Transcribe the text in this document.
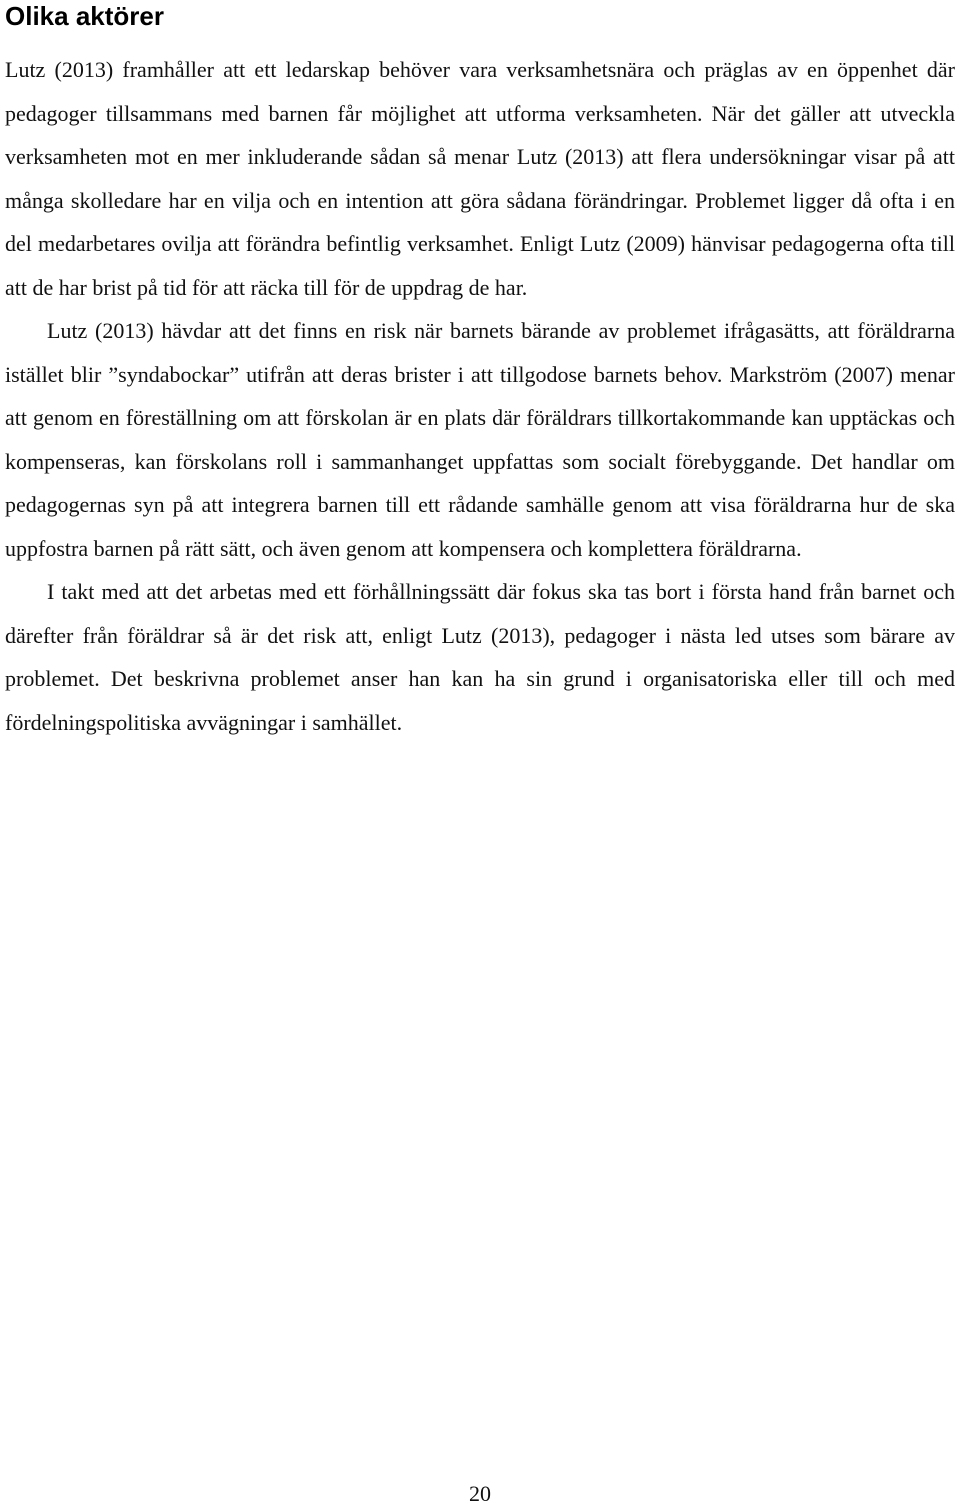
Olika aktörer

Lutz (2013) framhåller att ett ledarskap behöver vara verksamhetsnära och präglas av en öppenhet där pedagoger tillsammans med barnen får möjlighet att utforma verksamheten. När det gäller att utveckla verksamheten mot en mer inkluderande sådan så menar Lutz (2013) att flera undersökningar visar på att många skolledare har en vilja och en intention att göra sådana förändringar. Problemet ligger då ofta i en del medarbetares ovilja att förändra befintlig verksamhet. Enligt Lutz (2009) hänvisar pedagogerna ofta till att de har brist på tid för att räcka till för de uppdrag de har.

Lutz (2013) hävdar att det finns en risk när barnets bärande av problemet ifrågasätts, att föräldrarna istället blir ”syndabockar” utifrån att deras brister i att tillgodose barnets behov. Markström (2007) menar att genom en föreställning om att förskolan är en plats där föräldrars tillkortakommande kan upptäckas och kompenseras, kan förskolans roll i sammanhanget uppfattas som socialt förebyggande. Det handlar om pedagogernas syn på att integrera barnen till ett rådande samhälle genom att visa föräldrarna hur de ska uppfostra barnen på rätt sätt, och även genom att kompensera och komplettera föräldrarna.

I takt med att det arbetas med ett förhållningssätt där fokus ska tas bort i första hand från barnet och därefter från föräldrar så är det risk att, enligt Lutz (2013), pedagoger i nästa led utses som bärare av problemet. Det beskrivna problemet anser han kan ha sin grund i organisatoriska eller till och med fördelningspolitiska avvägningar i samhället.

20
